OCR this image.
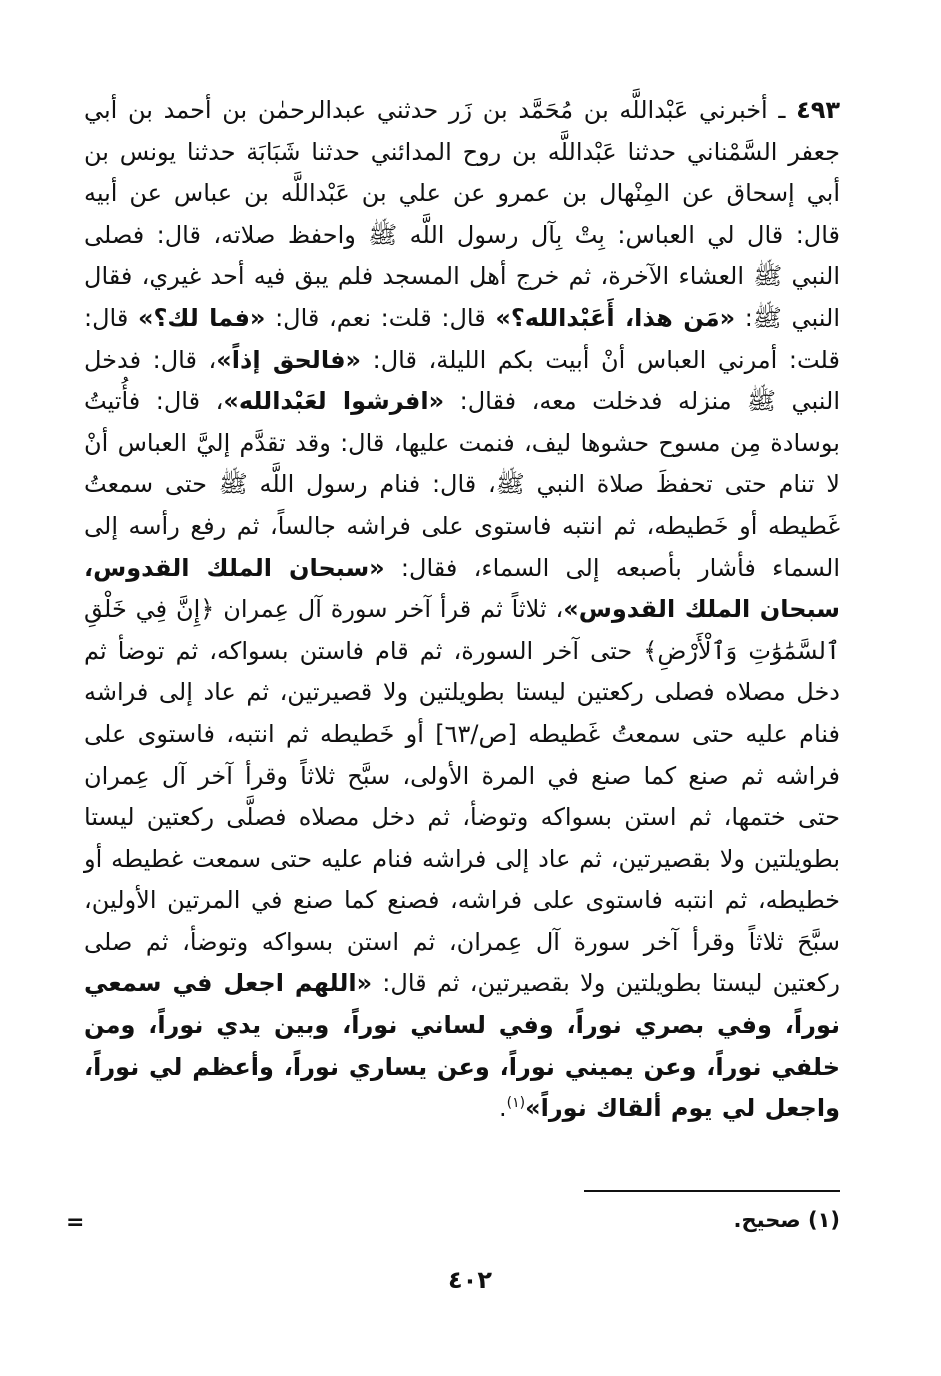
٤٩٣ ـ أخبرني عَبْداللَّه بن مُحَمَّد بن زَر حدثني عبدالرحمٰن بن أحمد بن أبي جعفر السَّمْناني حدثنا عَبْداللَّه بن روح المدائني حدثنا شَبَابَة حدثنا يونس بن أبي إسحاق عن المِنْهال بن عمرو عن علي بن عَبْداللَّه بن عباس عن أبيه قال: قال لي العباس: بِتْ بِآل رسول اللَّه ﷺ واحفظ صلاته، قال: فصلى النبي ﷺ العشاء الآخرة، ثم خرج أهل المسجد فلم يبق فيه أحد غيري، فقال النبي ﷺ: «مَن هذا، أَعَبْدالله؟» قال: قلت: نعم، قال: «فما لك؟» قال: قلت: أمرني العباس أنْ أبيت بكم الليلة، قال: «فالحق إذاً»، قال: فدخل النبي ﷺ منزله فدخلت معه، فقال: «افرشوا لعَبْدالله»، قال: فأُتيتُ بوسادة مِن مسوح حشوها ليف، فنمت عليها، قال: وقد تقدَّم إليَّ العباس أنْ لا تنام حتى تحفظَ صلاة النبي ﷺ، قال: فنام رسول اللَّه ﷺ حتى سمعتُ غَطيطه أو خَطيطه، ثم انتبه فاستوى على فراشه جالساً، ثم رفع رأسه إلى السماء فأشار بأصبعه إلى السماء، فقال: «سبحان الملك القدوس، سبحان الملك القدوس»، ثلاثاً ثم قرأ آخر سورة آل عِمران ﴿إِنَّ فِي خَلْقِ ٱلسَّمَٰوَٰتِ وَٱلْأَرْضِ﴾ حتى آخر السورة، ثم قام فاستن بسواكه، ثم توضأ ثم دخل مصلاه فصلى ركعتين ليستا بطويلتين ولا قصيرتين، ثم عاد إلى فراشه فنام عليه حتى سمعتُ غَطيطه [ص/٦٣] أو خَطيطه ثم انتبه، فاستوى على فراشه ثم صنع كما صنع في المرة الأولى، سبَّح ثلاثاً وقرأ آخر آل عِمران حتى ختمها، ثم استن بسواكه وتوضأ، ثم دخل مصلاه فصلَّى ركعتين ليستا بطويلتين ولا بقصيرتين، ثم عاد إلى فراشه فنام عليه حتى سمعت غطيطه أو خطيطه، ثم انتبه فاستوى على فراشه، فصنع كما صنع في المرتين الأولين، سبَّحَ ثلاثاً وقرأ آخر سورة آل عِمران، ثم استن بسواكه وتوضأ، ثم صلى ركعتين ليستا بطويلتين ولا بقصيرتين، ثم قال: «اللهم اجعل في سمعي نوراً، وفي بصري نوراً، وفي لساني نوراً، وبين يدي نوراً، ومن خلفي نوراً، وعن يميني نوراً، وعن يساري نوراً، وأعظم لي نوراً، واجعل لي يوم ألقاك نوراً»$^{(١)}$.

(١) صحيح.
=
٤٠٢
